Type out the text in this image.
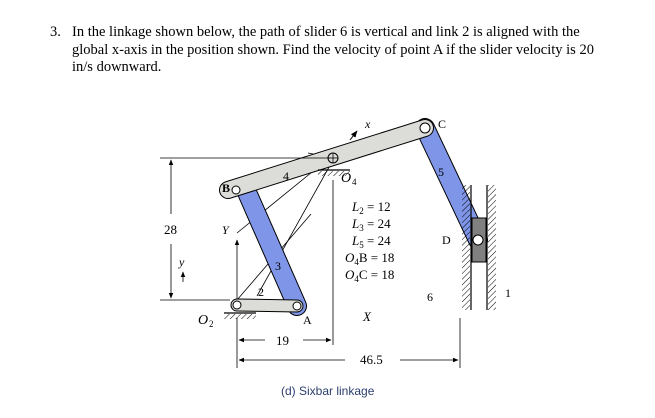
3. In the linkage shown below, the path of slider 6 is vertical and link 2 is aligned with the global x-axis in the position shown. Find the velocity of point A if the slider velocity is 20 in/s downward.
28
19
46.5
B
C
D
A
O 2
O 4
1
2
3
4	5
6
x
y
X
Y
$L_2 = 12$
$L_3 = 24$
$L_5 = 24$
$O_4B = 18$
$O_4C = 18$
(d) Sixbar linkage
